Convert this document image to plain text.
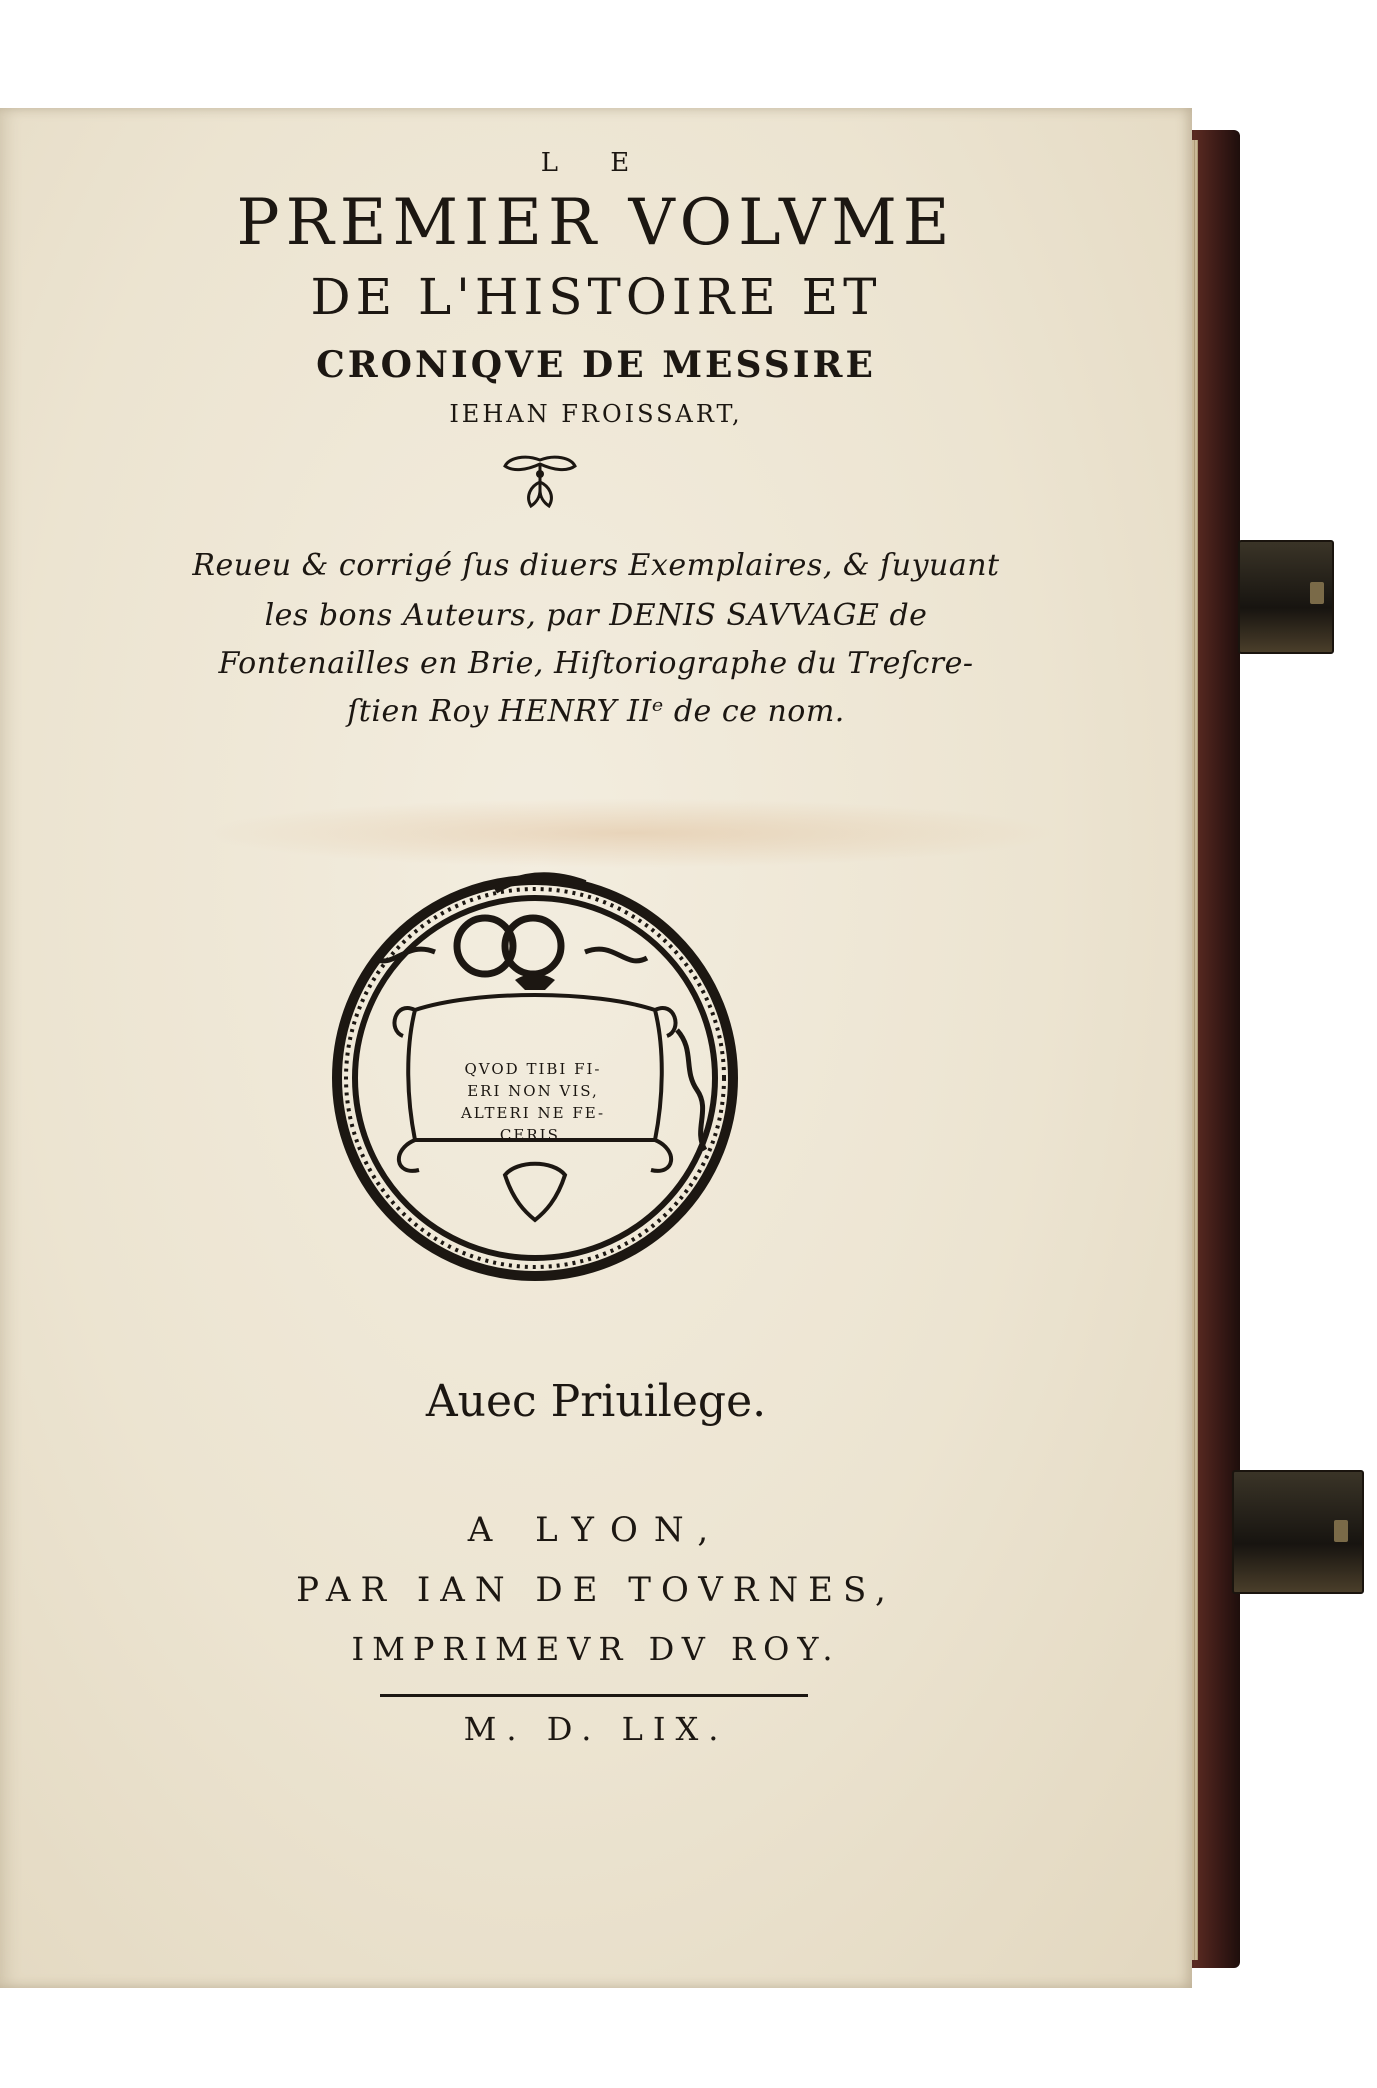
L E
PREMIER VOLVME
DE L'HISTOIRE ET
CRONIQVE DE MESSIRE
IEHAN FROISSART,
Reueu & corrigé ſus diuers Exemplaires, & ſuyuant
les bons Auteurs, par DENIS SAVVAGE de
Fontenailles en Brie, Hiſtoriographe du Treſcre-
ſtien Roy HENRY IIᵉ de ce nom.
QVOD TIBI FI-
ERI NON VIS,
ALTERI NE FE-
CERIS.
Auec Priuilege.
A LYON,
PAR IAN DE TOVRNES,
IMPRIMEVR DV ROY.
M. D. LIX.
